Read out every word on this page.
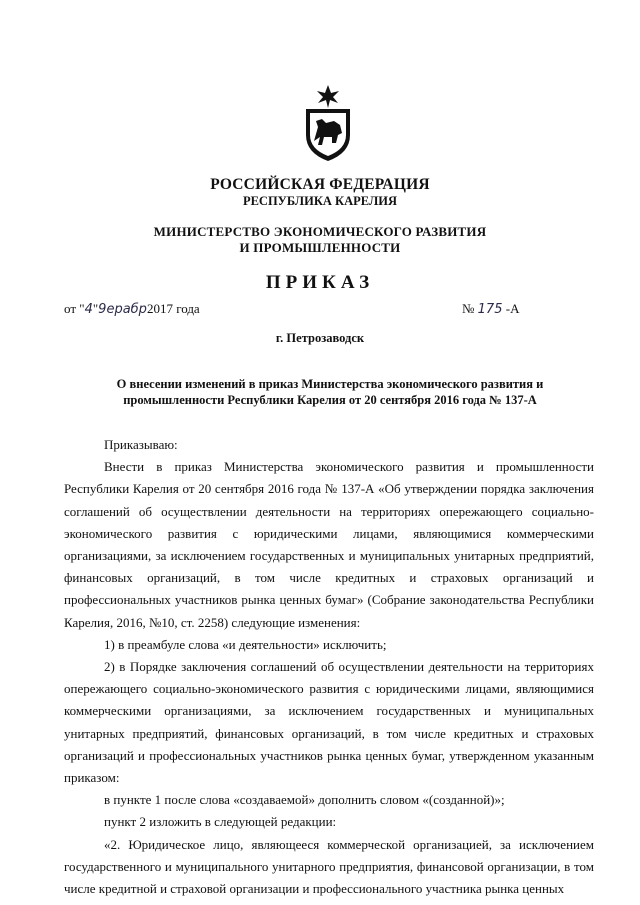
РОССИЙСКАЯ ФЕДЕРАЦИЯ
РЕСПУБЛИКА КАРЕЛИЯ
МИНИСТЕРСТВО ЭКОНОМИЧЕСКОГО РАЗВИТИЯ
И ПРОМЫШЛЕННОСТИ
ПРИКАЗ
от "4"9ерабр2017 года	№ 175 -А
г. Петрозаводск
О внесении изменений в приказ Министерства экономического развития и
промышленности Республики Карелия от 20 сентября 2016 года № 137-А

Приказываю:

Внести в приказ Министерства экономического развития и промышленности Республики Карелия от 20 сентября 2016 года № 137-А «Об утверждении порядка заключения соглашений об осуществлении деятельности на территориях опережающего социально-экономического развития с юридическими лицами, являющимися коммерческими организациями, за исключением государственных и муниципальных унитарных предприятий, финансовых организаций, в том числе кредитных и страховых организаций и профессиональных участников рынка ценных бумаг» (Собрание законодательства Республики Карелия, 2016, №10, ст. 2258) следующие изменения:

1) в преамбуле слова «и деятельности» исключить;

2) в Порядке заключения соглашений об осуществлении деятельности на территориях опережающего социально-экономического развития с юридическими лицами, являющимися коммерческими организациями, за исключением государственных и муниципальных унитарных предприятий, финансовых организаций, в том числе кредитных и страховых организаций и профессиональных участников рынка ценных бумаг, утвержденном указанным приказом:

в пункте 1 после слова «создаваемой» дополнить словом «(созданной)»;

пункт 2 изложить в следующей редакции:

«2. Юридическое лицо, являющееся коммерческой организацией, за исключением государственного и муниципального унитарного предприятия, финансовой организации, в том числе кредитной и страховой организации и профессионального участника рынка ценных
